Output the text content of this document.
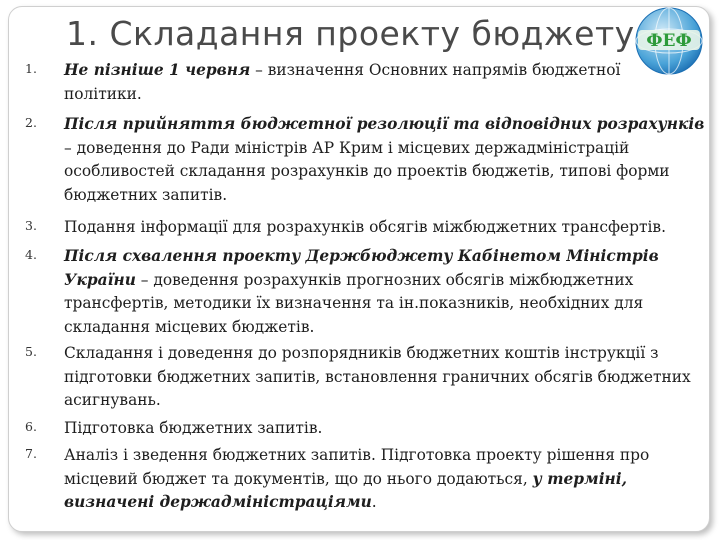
1. Складання проекту бюджету ФЕФ
1. Не пізніше 1 червня – визначення Основних напрямів бюджетної політики.
2. Після прийняття бюджетної резолюції та відповідних розрахунків – доведення до Ради міністрів АР Крим і місцевих держадміністрацій особливостей складання розрахунків до проектів бюджетів, типові форми бюджетних запитів.
3. Подання інформації для розрахунків обсягів міжбюджетних трансфертів.
4. Після схвалення проекту Держбюджету Кабінетом Міністрів України – доведення розрахунків прогнозних обсягів міжбюджетних трансфертів, методики їх визначення та ін.показників, необхідних для складання місцевих бюджетів.
5. Складання і доведення до розпорядників бюджетних коштів інструкції з підготовки бюджетних запитів, встановлення граничних обсягів бюджетних асигнувань.
6. Підготовка бюджетних запитів.
7. Аналіз і зведення бюджетних запитів. Підготовка проекту рішення про місцевий бюджет та документів, що до нього додаються, у терміні, визначені держадміністраціями.
